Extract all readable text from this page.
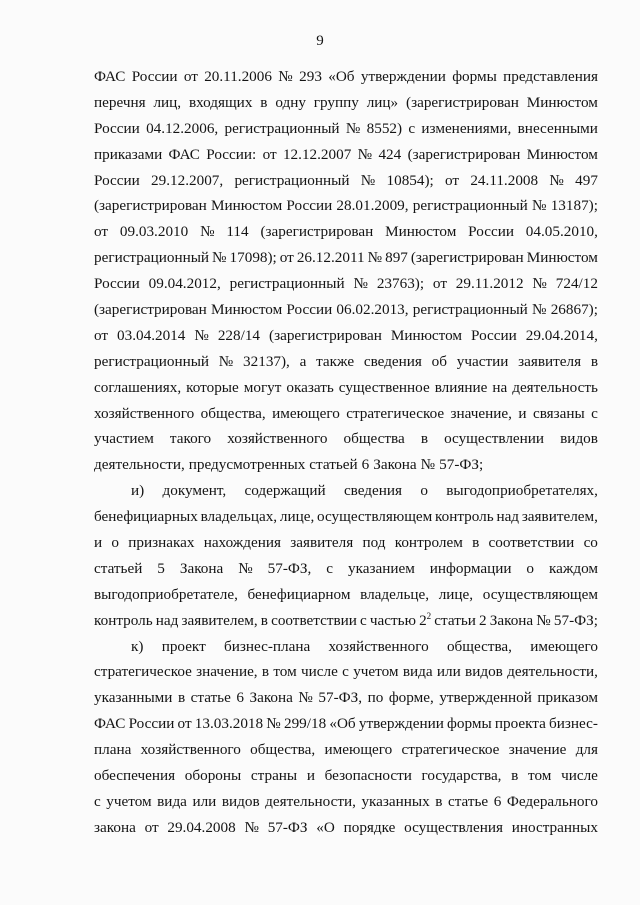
9
ФАС России от 20.11.2006 № 293 «Об утверждении формы представления
перечня лиц, входящих в одну группу лиц» (зарегистрирован Минюстом
России 04.12.2006, регистрационный № 8552) с изменениями, внесенными
приказами ФАС России: от 12.12.2007 № 424 (зарегистрирован Минюстом
России 29.12.2007, регистрационный № 10854); от 24.11.2008 № 497
(зарегистрирован Минюстом России 28.01.2009, регистрационный № 13187);
от 09.03.2010 № 114 (зарегистрирован Минюстом России 04.05.2010,
регистрационный № 17098); от 26.12.2011 № 897 (зарегистрирован Минюстом
России 09.04.2012, регистрационный № 23763); от 29.11.2012 № 724/12
(зарегистрирован Минюстом России 06.02.2013, регистрационный № 26867);
от 03.04.2014 № 228/14 (зарегистрирован Минюстом России 29.04.2014,
регистрационный № 32137), а также сведения об участии заявителя в
соглашениях, которые могут оказать существенное влияние на деятельность
хозяйственного общества, имеющего стратегическое значение, и связаны с
участием такого хозяйственного общества в осуществлении видов
деятельности, предусмотренных статьей 6 Закона № 57-ФЗ;
и) документ, содержащий сведения о выгодоприобретателях,
бенефициарных владельцах, лице, осуществляющем контроль над заявителем,
и о признаках нахождения заявителя под контролем в соответствии со
статьей 5 Закона № 57-ФЗ, с указанием информации о каждом
выгодоприобретателе, бенефициарном владельце, лице, осуществляющем
контроль над заявителем, в соответствии с частью $2^2$ статьи 2 Закона № 57-ФЗ;
к) проект бизнес-плана хозяйственного общества, имеющего
стратегическое значение, в том числе с учетом вида или видов деятельности,
указанными в статье 6 Закона № 57-ФЗ, по форме, утвержденной приказом
ФАС России от 13.03.2018 № 299/18 «Об утверждении формы проекта бизнес-
плана хозяйственного общества, имеющего стратегическое значение для
обеспечения обороны страны и безопасности государства, в том числе
с учетом вида или видов деятельности, указанных в статье 6 Федерального
закона от 29.04.2008 № 57-ФЗ «О порядке осуществления иностранных
